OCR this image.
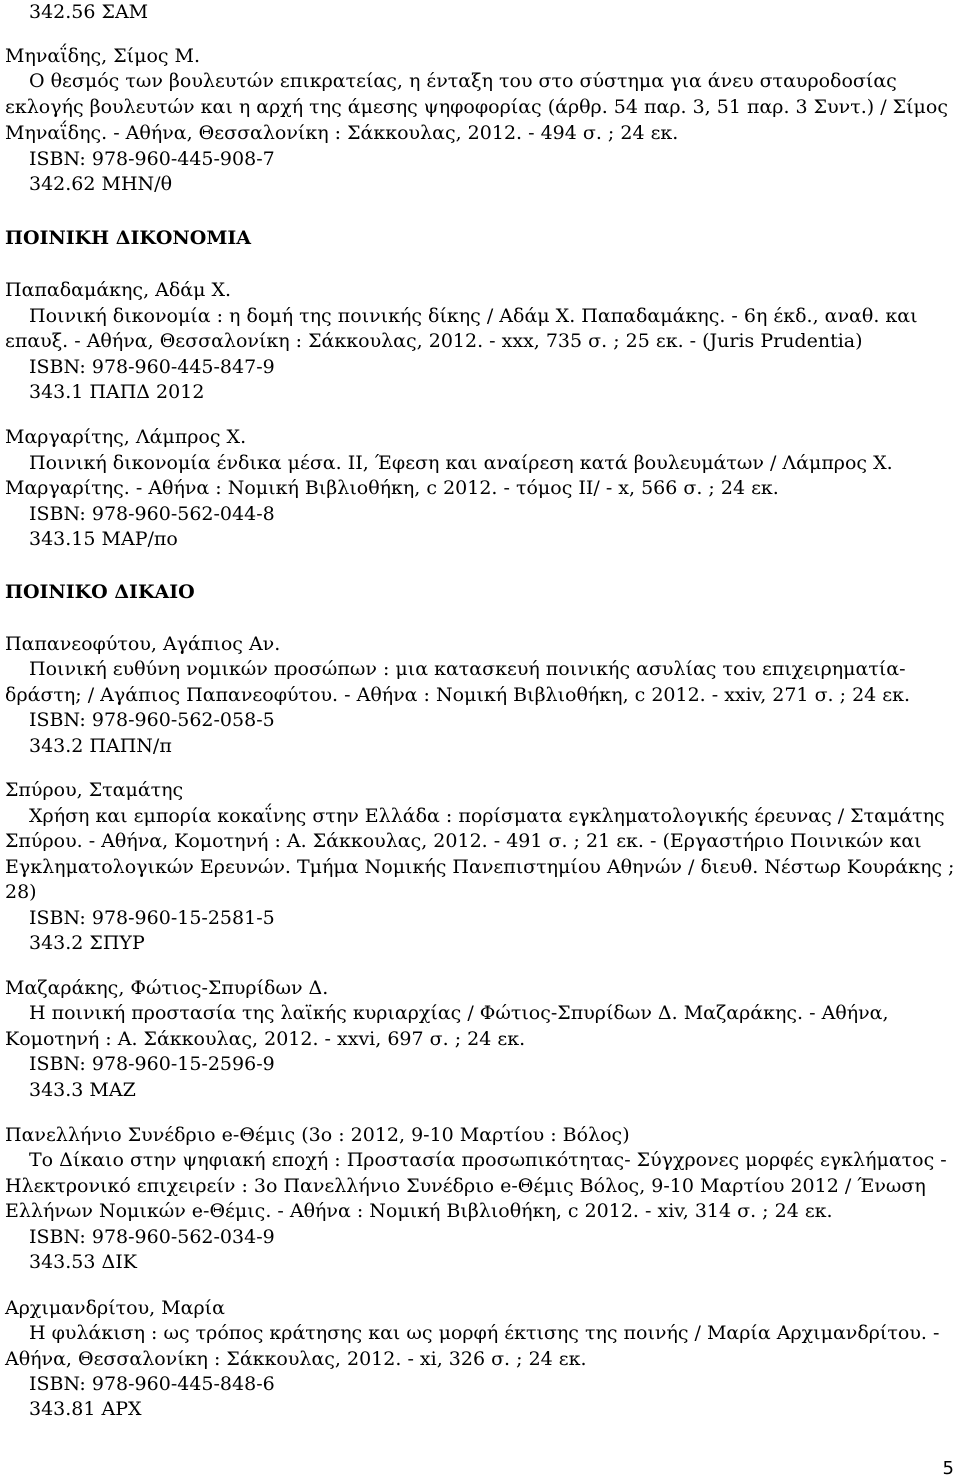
342.56 ΣΑΜ
Μηναΐδης, Σίμος Μ.
Ο θεσμός των βουλευτών επικρατείας, η ένταξη του στο σύστημα για άνευ σταυροδοσίας
εκλογής βουλευτών και η αρχή της άμεσης ψηφοφορίας (άρθρ. 54 παρ. 3, 51 παρ. 3 Συντ.) / Σίμος
Μηναΐδης. - Αθήνα, Θεσσαλονίκη : Σάκκουλας, 2012. - 494 σ. ; 24 εκ.
ISBN: 978-960-445-908-7
342.62 ΜΗΝ/θ
ΠΟΙΝΙΚΗ ΔΙΚΟΝΟΜΙΑ
Παπαδαμάκης, Αδάμ Χ.
Ποινική δικονομία : η δομή της ποινικής δίκης / Αδάμ Χ. Παπαδαμάκης. - 6η έκδ., αναθ. και
επαυξ. - Αθήνα, Θεσσαλονίκη : Σάκκουλας, 2012. - xxx, 735 σ. ; 25 εκ. - (Juris Prudentia)
ISBN: 978-960-445-847-9
343.1 ΠΑΠΔ 2012
Μαργαρίτης, Λάμπρος Χ.
Ποινική δικονομία ένδικα μέσα. ΙΙ, Έφεση και αναίρεση κατά βουλευμάτων / Λάμπρος Χ.
Μαργαρίτης. - Αθήνα : Νομική Βιβλιοθήκη, c 2012. - τόμος ΙΙ/ - x, 566 σ. ; 24 εκ.
ISBN: 978-960-562-044-8
343.15 ΜΑΡ/πο
ΠΟΙΝΙΚΟ ΔΙΚΑΙΟ
Παπανεοφύτου, Αγάπιος Αν.
Ποινική ευθύνη νομικών προσώπων : μια κατασκευή ποινικής ασυλίας του επιχειρηματία-
δράστη; / Αγάπιος Παπανεοφύτου. - Αθήνα : Νομική Βιβλιοθήκη, c 2012. - xxiv, 271 σ. ; 24 εκ.
ISBN: 978-960-562-058-5
343.2 ΠΑΠΝ/π
Σπύρου, Σταμάτης
Χρήση και εμπορία κοκαΐνης στην Ελλάδα : πορίσματα εγκληματολογικής έρευνας / Σταμάτης
Σπύρου. - Αθήνα, Κομοτηνή : Α. Σάκκουλας, 2012. - 491 σ. ; 21 εκ. - (Εργαστήριο Ποινικών και
Εγκληματολογικών Ερευνών. Τμήμα Νομικής Πανεπιστημίου Αθηνών / διευθ. Νέστωρ Κουράκης ;
28)
ISBN: 978-960-15-2581-5
343.2 ΣΠΥΡ
Μαζαράκης, Φώτιος-Σπυρίδων Δ.
Η ποινική προστασία της λαϊκής κυριαρχίας / Φώτιος-Σπυρίδων Δ. Μαζαράκης. - Αθήνα,
Κομοτηνή : Α. Σάκκουλας, 2012. - xxvi, 697 σ. ; 24 εκ.
ISBN: 978-960-15-2596-9
343.3 ΜΑΖ
Πανελλήνιο Συνέδριο e-Θέμις (3ο : 2012, 9-10 Μαρτίου : Βόλος)
Το Δίκαιο στην ψηφιακή εποχή : Προστασία προσωπικότητας- Σύγχρονες μορφές εγκλήματος -
Ηλεκτρονικό επιχειρείν : 3ο Πανελλήνιο Συνέδριο e-Θέμις Βόλος, 9-10 Μαρτίου 2012 / Ένωση
Ελλήνων Νομικών e-Θέμις. - Αθήνα : Νομική Βιβλιοθήκη, c 2012. - xiv, 314 σ. ; 24 εκ.
ISBN: 978-960-562-034-9
343.53 ΔΙΚ
Αρχιμανδρίτου, Μαρία
Η φυλάκιση : ως τρόπος κράτησης και ως μορφή έκτισης της ποινής / Μαρία Αρχιμανδρίτου. -
Αθήνα, Θεσσαλονίκη : Σάκκουλας, 2012. - xi, 326 σ. ; 24 εκ.
ISBN: 978-960-445-848-6
343.81 ΑΡΧ
5
